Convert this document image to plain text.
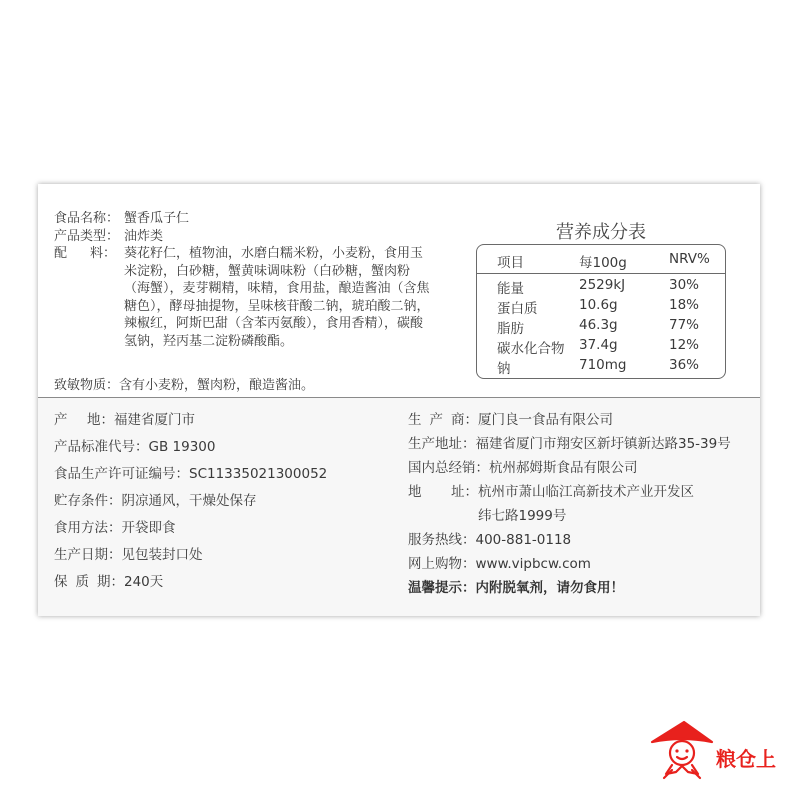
食品名称： 蟹香瓜子仁
产品类型： 油炸类
配 料： 葵花籽仁，植物油，水磨白糯米粉，小麦粉，食用玉米淀粉，白砂糖，蟹黄味调味粉（白砂糖，蟹肉粉（海蟹），麦芽糊精，味精，食用盐，酿造酱油（含焦糖色），酵母抽提物，呈味核苷酸二钠，琥珀酸二钠，辣椒红，阿斯巴甜（含苯丙氨酸），食用香精），碳酸氢钠，羟丙基二淀粉磷酸酯。
致敏物质：含有小麦粉，蟹肉粉，酿造酱油。
营养成分表
项目	每100g	NRV%
能量	2529kJ	30%
蛋白质	10.6g	18%
脂肪	46.3g	77%
碳水化合物 37.4g	12%
钠	710mg	36%
产 地： 福建省厦门市
产品标准代号：GB 19300
食品生产许可证编号：SC11335021300052
贮存条件：阴凉通风，干燥处保存
食用方法：开袋即食
生产日期：见包装封口处
保 质 期： 240天
生 产 商： 厦门良一食品有限公司
生产地址：福建省厦门市翔安区新圩镇新达路35-39号
国内总经销：杭州郝姆斯食品有限公司
地 址： 杭州市萧山临江高新技术产业开发区
纬七路1999号
服务热线：400-881-0118
网上购物：www.vipbcw.com
温馨提示：内附脱氧剂，请勿食用！
粮仓上
